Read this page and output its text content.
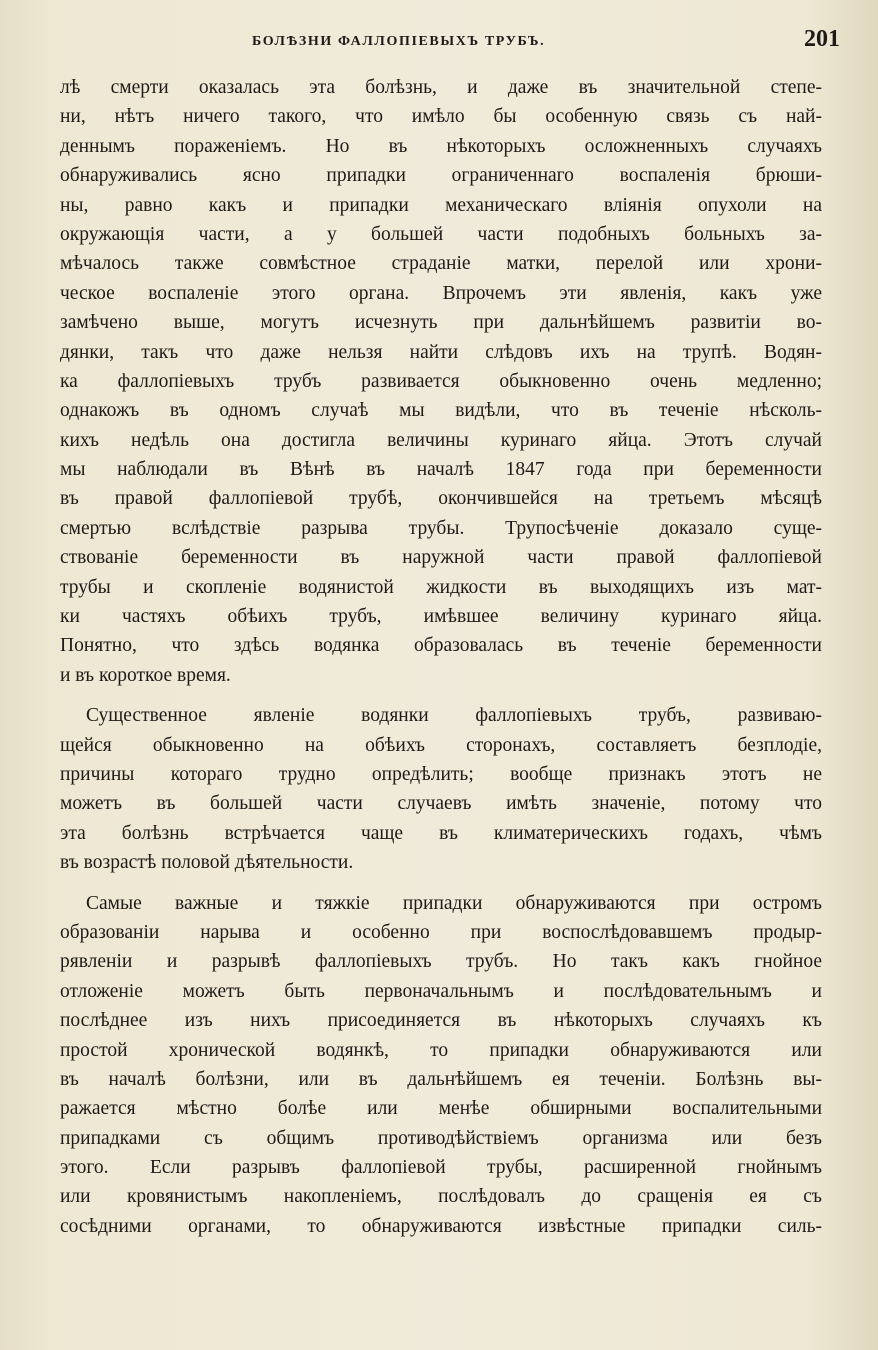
БОЛѢЗНИ ФАЛЛОПІЕВЫХЪ ТРУБЪ.	201
лѣ смерти оказалась эта болѣзнь, и даже въ значительной степе-
ни, нѣтъ ничего такого, что имѣло бы особенную связь съ най-
деннымъ пораженіемъ. Но въ нѣкоторыхъ осложненныхъ случаяхъ
обнаруживались ясно припадки ограниченнаго воспаленія брюши-
ны, равно какъ и припадки механическаго вліянія опухоли на
окружающія части, а у большей части подобныхъ больныхъ за-
мѣчалось также совмѣстное страданіе матки, перелой или хрони-
ческое воспаленіе этого органа. Впрочемъ эти явленія, какъ уже
замѣчено выше, могутъ исчезнуть при дальнѣйшемъ развитіи во-
дянки, такъ что даже нельзя найти слѣдовъ ихъ на трупѣ. Водян-
ка фаллопіевыхъ трубъ развивается обыкновенно очень медленно;
однакожъ въ одномъ случаѣ мы видѣли, что въ теченіе нѣсколь-
кихъ недѣль она достигла величины куринаго яйца. Этотъ случай
мы наблюдали въ Вѣнѣ въ началѣ 1847 года при беременности
въ правой фаллопіевой трубѣ, окончившейся на третьемъ мѣсяцѣ
смертью вслѣдствіе разрыва трубы. Трупосѣченіе доказало суще-
ствованіе беременности въ наружной части правой фаллопіевой
трубы и скопленіе водянистой жидкости въ выходящихъ изъ мат-
ки частяхъ обѣихъ трубъ, имѣвшее величину куринаго яйца.
Понятно, что здѣсь водянка образовалась въ теченіе беременности
и въ короткое время.
Существенное явленіе водянки фаллопіевыхъ трубъ, развиваю-
щейся обыкновенно на обѣихъ сторонахъ, составляетъ безплодіе,
причины котораго трудно опредѣлить; вообще признакъ этотъ не
можетъ въ большей части случаевъ имѣть значеніе, потому что
эта болѣзнь встрѣчается чаще въ климатерическихъ годахъ, чѣмъ
въ возрастѣ половой дѣятельности.
Самые важные и тяжкіе припадки обнаруживаются при остромъ
образованіи нарыва и особенно при воспослѣдовавшемъ продыр-
рявленіи и разрывѣ фаллопіевыхъ трубъ. Но такъ какъ гнойное
отложеніе можетъ быть первоначальнымъ и послѣдовательнымъ и
послѣднее изъ нихъ присоединяется въ нѣкоторыхъ случаяхъ къ
простой хронической водянкѣ, то припадки обнаруживаются или
въ началѣ болѣзни, или въ дальнѣйшемъ ея теченіи. Болѣзнь вы-
ражается мѣстно болѣе или менѣе обширными воспалительными
припадками съ общимъ противодѣйствіемъ организма или безъ
этого. Если разрывъ фаллопіевой трубы, расширенной гнойнымъ
или кровянистымъ накопленіемъ, послѣдовалъ до сращенія ея съ
сосѣдними органами, то обнаруживаются извѣстные припадки силь-
